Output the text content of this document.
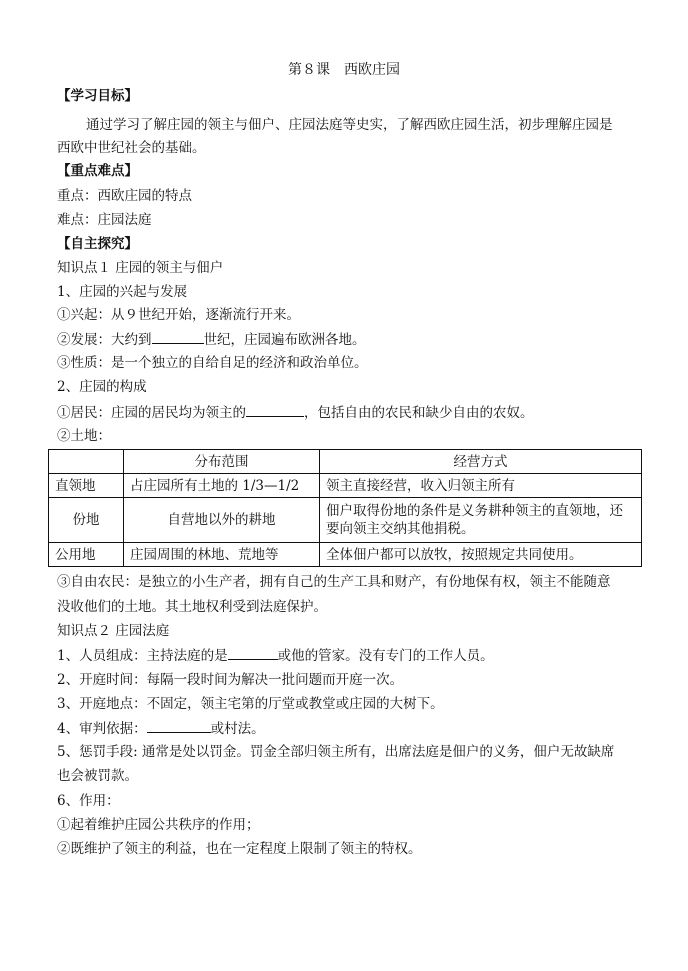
第８课　西欧庄园
【学习目标】
通过学习了解庄园的领主与佃户、庄园法庭等史实，了解西欧庄园生活，初步理解庄园是
西欧中世纪社会的基础。
【重点难点】
重点：西欧庄园的特点
难点：庄园法庭
【自主探究】
知识点１ 庄园的领主与佃户
1、庄园的兴起与发展
①兴起：从９世纪开始，逐渐流行开来。
②发展：大约到	世纪，庄园遍布欧洲各地。
③性质：是一个独立的自给自足的经济和政治单位。
2、庄园的构成
①居民：庄园的居民均为领主的	，包括自由的农民和缺少自由的农奴。
②土地：
	分布范围	经营方式
直领地	占庄园所有土地的 1/3—1/2	领主直接经营，收入归领主所有
份地	自营地以外的耕地	佃户取得份地的条件是义务耕种领主的直领地，还
要向领主交纳其他捐税。

公用地	庄园周围的林地、荒地等	全体佃户都可以放牧，按照规定共同使用。
③自由农民：是独立的小生产者，拥有自己的生产工具和财产，有份地保有权，领主不能随意
没收他们的土地。其土地权利受到法庭保护。
知识点２ 庄园法庭
1、人员组成：主持法庭的是	或他的管家。没有专门的工作人员。
2、开庭时间：每隔一段时间为解决一批问题而开庭一次。
3、开庭地点：不固定，领主宅第的厅堂或教堂或庄园的大树下。
4、审判依据：	或村法。
5、惩罚手段: 通常是处以罚金。罚金全部归领主所有，出席法庭是佃户的义务，佃户无故缺席
也会被罚款。
6、作用：
①起着维护庄园公共秩序的作用；
②既维护了领主的利益，也在一定程度上限制了领主的特权。
